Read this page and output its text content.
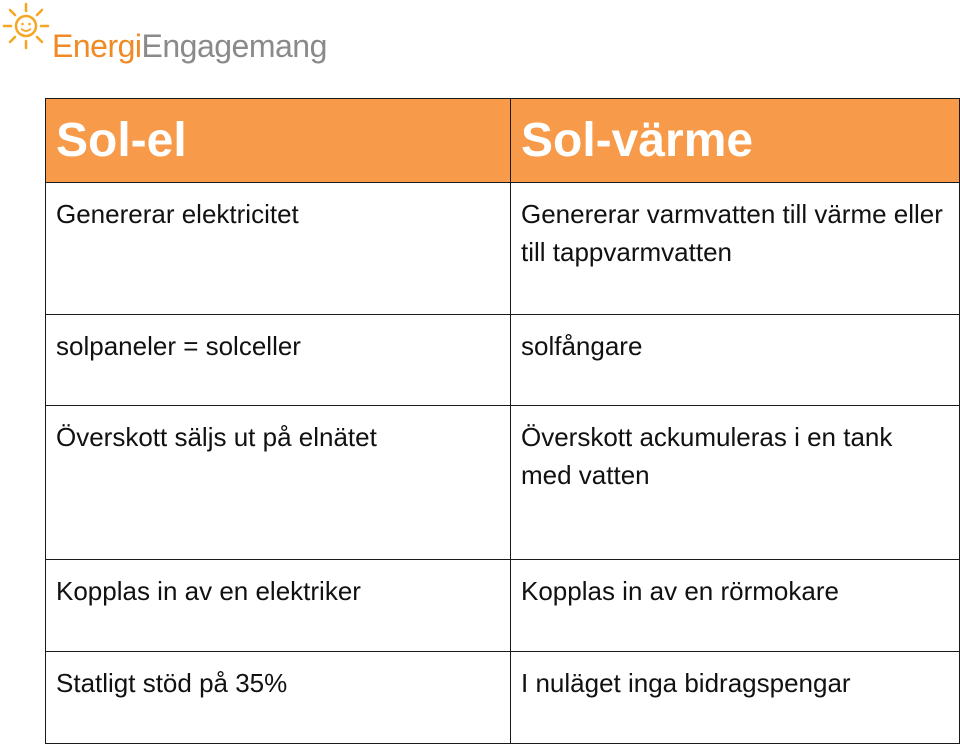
EnergiEngagemang
Sol-el	Sol-värme

Genererar elektricitet	Genererar varmvatten till värme eller till tappvarmvatten

solpaneler = solceller	solfångare

Överskott säljs ut på elnätet	Överskott ackumuleras i en tank med vatten

Kopplas in av en elektriker	Kopplas in av en rörmokare

Statligt stöd på 35%	I nuläget inga bidragspengar
